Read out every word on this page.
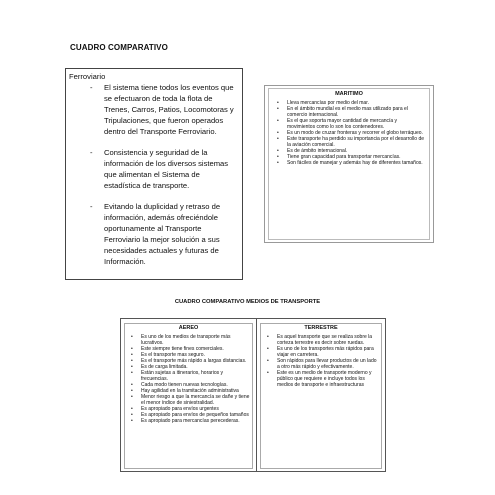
CUADRO COMPARATIVO
Ferroviario
- El sistema tiene todos los eventos que se efectuaron de toda la flota de Trenes, Carros, Patios, Locomotoras y Tripulaciones, que fueron operados dentro del Transporte Ferroviario.
- Consistencia y seguridad de la información de los diversos sistemas que alimentan el Sistema de estadística de transporte.
- Evitando la duplicidad y retraso de información, además ofreciéndole oportunamente al Transporte Ferroviario la mejor solución a sus necesidades actuales y futuras de Información.
MARITIMO
• Lleva mercancías por medio del mar.
• En el ámbito mundial es el medio mas utilizado para el comercio internacional.
• Es el que soporta mayor cantidad de mercancía y movimientos como lo son los contenedores.
• Es un modo de cruzar fronteras y recorrer el globo terráqueo.
• Este transporte ha perdido su importancia por el desarrollo de la aviación comercial.
• Es de ámbito internacional.
• Tiene gran capacidad para transportar mercancías.
• Son fáciles de manejar y además hay de diferentes tamaños.
CUADRO COMPARATIVO MEDIOS DE TRANSPORTE
AEREO
• Es uno de los medios de transporte más lucrativos.
• Este siempre tiene fines comerciales.
• Es el transporte mas seguro.
• Es el transporte más rápido a largas distancias.
• Es de carga limitada.
• Están sujetas a itinerarios, horarios y frecuencias.
• Cada modo tienen nuevas tecnologías.
• Hay agilidad en la tramitación administrativa
• Menor riesgo a que la mercancía se dañe y tiene el menor índice de siniestralidad.
• Es apropiado para envíos urgentes
• Es apropiado para envíos de pequeños tamaños
• Es apropiado para mercancías perecederas.
TERRESTRE
• Es aquel transporte que se realiza sobre la corteza terrestre es decir sobre ruedas.
• Es uno de los transportes más rápidos para viajar en carretera.
• Son rápidos para llevar productos de un lado a otro más rápido y efectivamente.
• Este es un medio de transporte moderno y público que requiere e incluye todos los medios de transporte e infraestructuras
